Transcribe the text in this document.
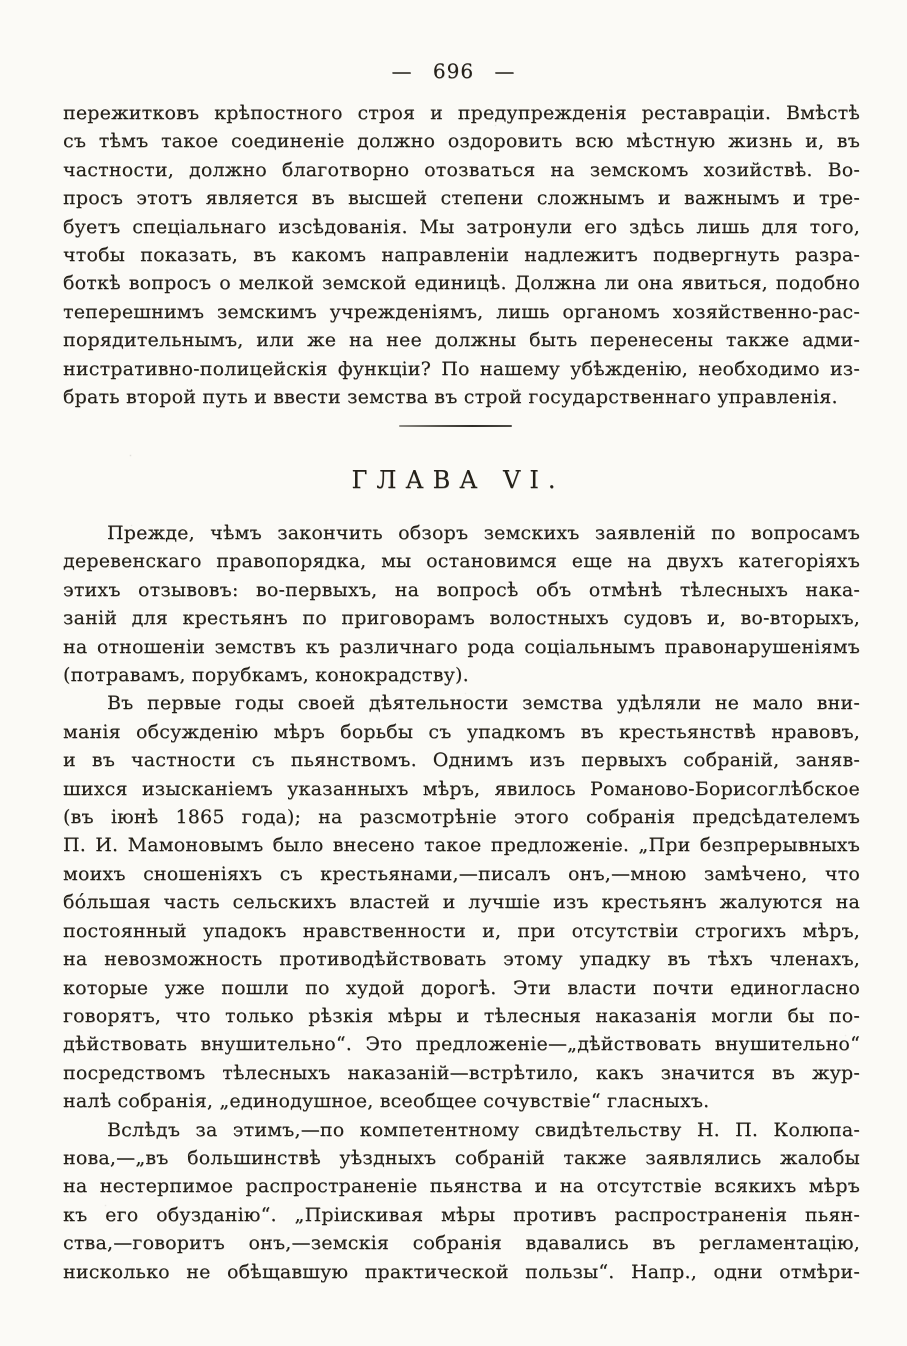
— 696 —
пережитковъ крѣпостного строя и предупрежденія реставраціи. Вмѣстѣ
съ тѣмъ такое соединеніе должно оздоровить всю мѣстную жизнь и, въ
частности, должно благотворно отозваться на земскомъ хозийствѣ. Во-
просъ этотъ является въ высшей степени сложнымъ и важнымъ и тре-
буетъ спеціальнаго изсѣдованія. Мы затронули его здѣсь лишь для того,
чтобы показать, въ какомъ направленіи надлежитъ подвергнуть разра-
боткѣ вопросъ о мелкой земской единицѣ. Должна ли она явиться, подобно
теперешнимъ земскимъ учрежденіямъ, лишь органомъ хозяйственно-рас-
порядительнымъ, или же на нее должны быть перенесены также адми-
нистративно-полицейскія функціи? По нашему убѣжденію, необходимо из-
брать второй путь и ввести земства въ строй государственнаго управленія.
ГЛАВА VI.
Прежде, чѣмъ закончить обзоръ земскихъ заявленій по вопросамъ
деревенскаго правопорядка, мы остановимся еще на двухъ категоріяхъ
этихъ отзывовъ: во-первыхъ, на вопросѣ объ отмѣнѣ тѣлесныхъ нака-
заній для крестьянъ по приговорамъ волостныхъ судовъ и, во-вторыхъ,
на отношеніи земствъ къ различнаго рода соціальнымъ правонарушеніямъ
(потравамъ, порубкамъ, конокрадству).
Въ первые годы своей дѣятельности земства удѣляли не мало вни-
манія обсужденію мѣръ борьбы съ упадкомъ въ крестьянствѣ нравовъ,
и въ частности съ пьянствомъ. Однимъ изъ первыхъ собраній, заняв-
шихся изысканіемъ указанныхъ мѣръ, явилось Романово-Борисоглѣбское
(въ іюнѣ 1865 года); на разсмотрѣніе этого собранія предсѣдателемъ
П. И. Мамоновымъ было внесено такое предложеніе. „При безпрерывныхъ
моихъ сношеніяхъ съ крестьянами,—писалъ онъ,—мною замѣчено, что
бо́льшая часть сельскихъ властей и лучшіе изъ крестьянъ жалуются на
постоянный упадокъ нравственности и, при отсутствіи строгихъ мѣръ,
на невозможность противодѣйствовать этому упадку въ тѣхъ членахъ,
которые уже пошли по худой дорогѣ. Эти власти почти единогласно
говорятъ, что только рѣзкія мѣры и тѣлесныя наказанія могли бы по-
дѣйствовать внушительно“. Это предложеніе—„дѣйствовать внушительно“
посредствомъ тѣлесныхъ наказаній—встрѣтило, какъ значится въ жур-
налѣ собранія, „единодушное, всеобщее сочувствіе“ гласныхъ.
Вслѣдъ за этимъ,—по компетентному свидѣтельству Н. П. Колюпа-
нова,—„въ большинствѣ уѣздныхъ собраній также заявлялись жалобы
на нестерпимое распространеніе пьянства и на отсутствіе всякихъ мѣръ
къ его обузданію“. „Пріискивая мѣры противъ распространенія пьян-
ства,—говоритъ онъ,—земскія собранія вдавались въ регламентацію,
нисколько не обѣщавшую практической пользы“. Напр., одни отмѣри-
